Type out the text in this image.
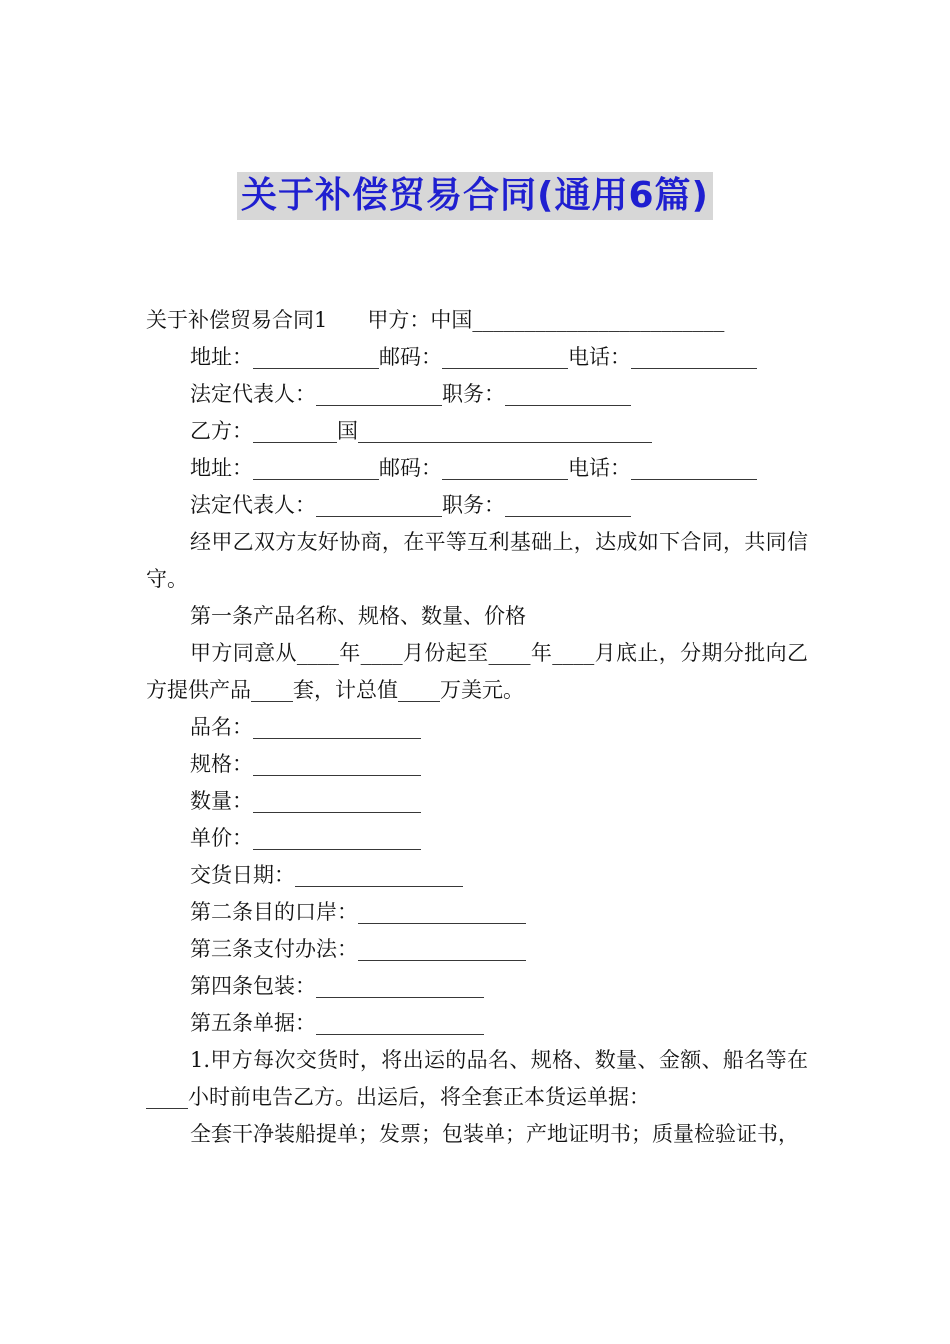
关于补偿贸易合同(通用6篇)
关于补偿贸易合同1 甲方：中国________________________
地址：____________邮码：____________电话：____________
法定代表人：____________职务：____________
乙方：________国____________________________
地址：____________邮码：____________电话：____________
法定代表人：____________职务：____________
经甲乙双方友好协商，在平等互利基础上，达成如下合同，共同信守。
第一条产品名称、规格、数量、价格
甲方同意从____年____月份起至____年____月底止，分期分批向乙方提供产品____套，计总值____万美元。
品名：________________
规格：________________
数量：________________
单价：________________
交货日期：________________
第二条目的口岸：________________
第三条支付办法：________________
第四条包装：________________
第五条单据：________________
1.甲方每次交货时，将出运的品名、规格、数量、金额、船名等在____小时前电告乙方。出运后，将全套正本货运单据：
全套干净装船提单；发票；包装单；产地证明书；质量检验证书，
